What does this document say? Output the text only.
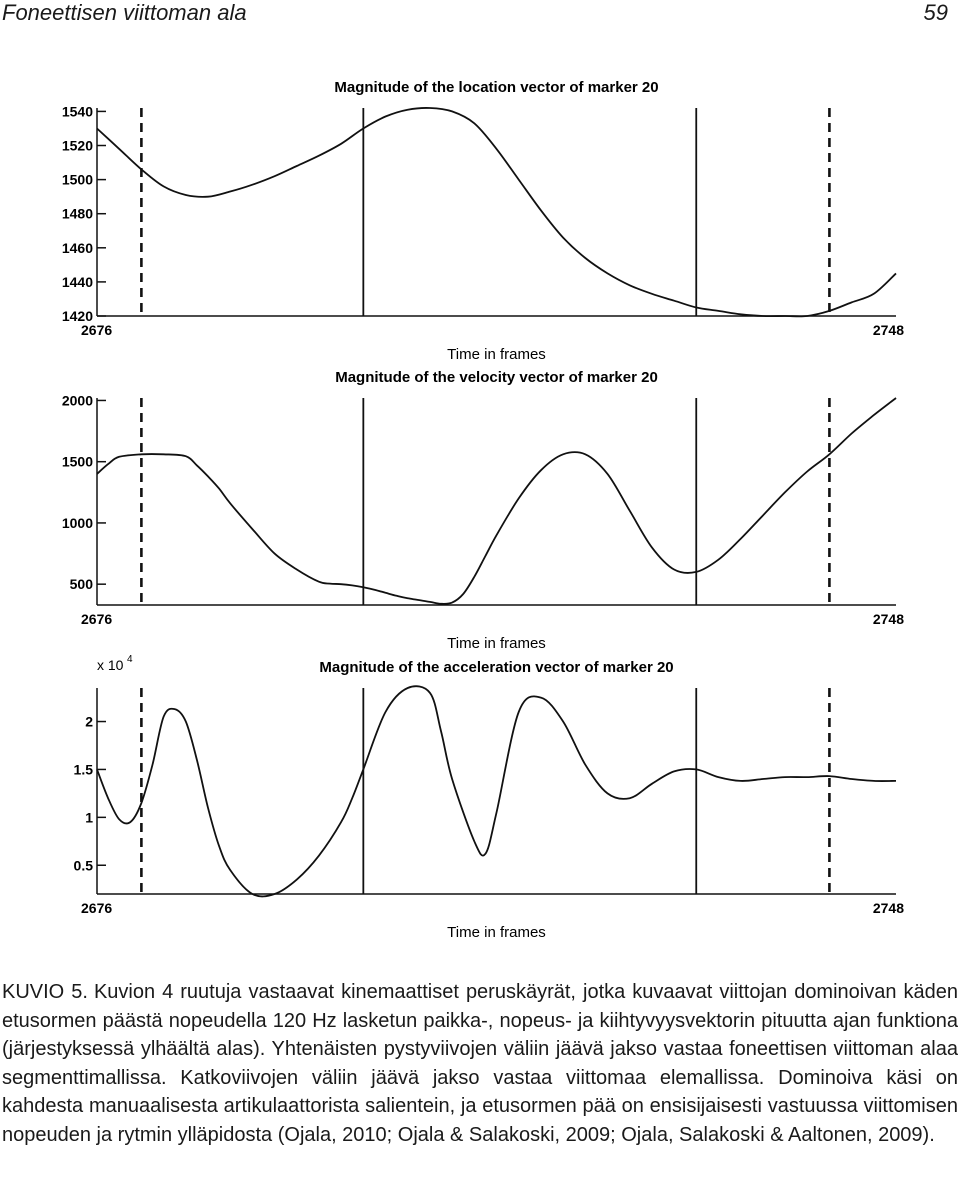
Foneettisen viittoman ala	59
Magnitude of the location vector of marker 20
1420
1440
1460
1480
1500
1520
1540
2676	2748
Time in frames
Magnitude of the velocity vector of marker 20
500
1000
1500
2000
2676	2748
Time in frames
Magnitude of the acceleration vector of marker 20
0.5
1
1.5
2
x 10 4
2676	2748
Time in frames
KUVIO 5. Kuvion 4 ruutuja vastaavat kinemaattiset peruskäyrät, jotka kuvaavat viittojan dominoivan käden etusormen päästä nopeudella 120 Hz lasketun paikka-, nopeus- ja kiihtyvyysvektorin pituutta ajan funktiona (järjestyksessä ylhäältä alas). Yhtenäisten pystyviivojen väliin jäävä jakso vastaa foneettisen viittoman alaa segmenttimallissa. Katkoviivojen väliin jäävä jakso vastaa viittomaa elemallissa. Dominoiva käsi on kahdesta manuaalisesta artikulaattorista salientein, ja etusormen pää on ensisijaisesti vastuussa viittomisen nopeuden ja rytmin ylläpidosta (Ojala, 2010; Ojala & Salakoski, 2009; Ojala, Salakoski & Aaltonen, 2009).
